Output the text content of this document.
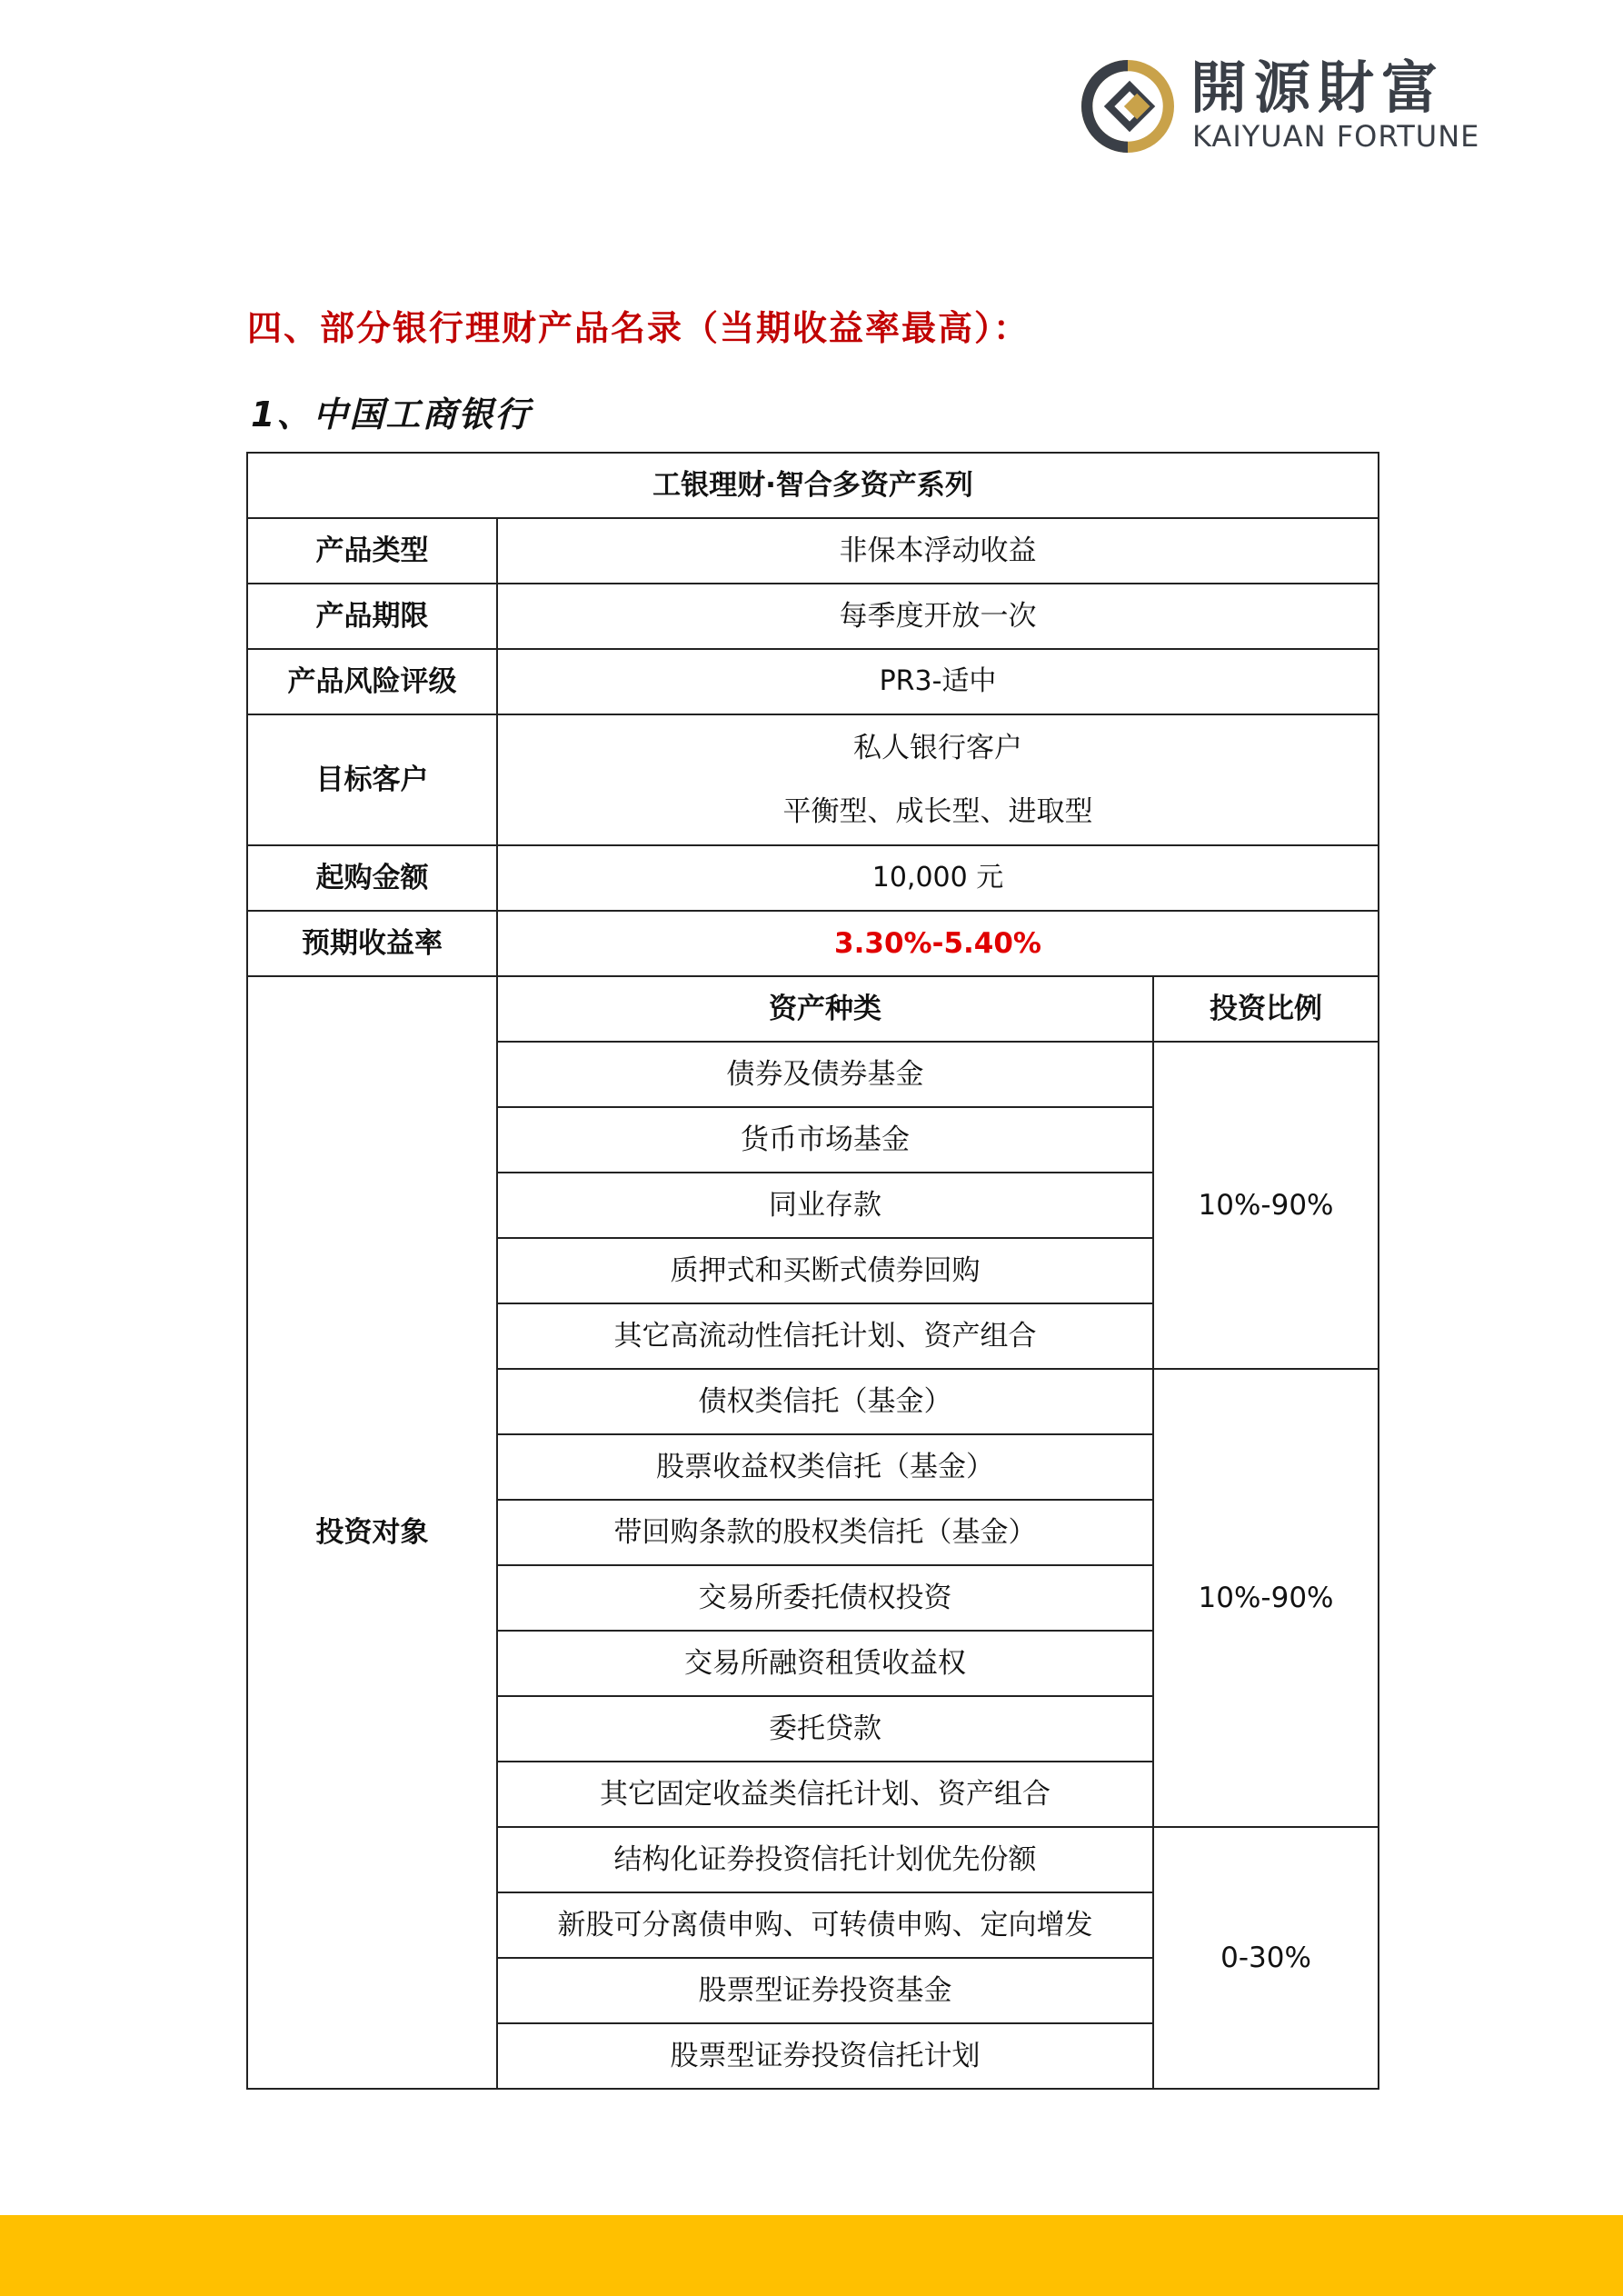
開源財富
KAIYUAN FORTUNE
四、部分银行理财产品名录（当期收益率最高）：
1、中国工商银行
工银理财·智合多资产系列		
产品类型	非保本浮动收益	
产品期限	每季度开放一次	
产品风险评级	PR3-适中	
目标客户	私人银行客户
平衡型、成长型、进取型	

起购金额	10,000 元	
预期收益率	3.30%-5.40%	
投资对象	资产种类	投资比例
	债券及债券基金	10%-90%
	货币市场基金	
	同业存款	
	质押式和买断式债券回购	
	其它高流动性信托计划、资产组合	
	债权类信托（基金）	10%-90%
	股票收益权类信托（基金）	
	带回购条款的股权类信托（基金）	
	交易所委托债权投资	
	交易所融资租赁收益权	
	委托贷款	
	其它固定收益类信托计划、资产组合	
	结构化证券投资信托计划优先份额	0-30%
	新股可分离债申购、可转债申购、定向增发	
	股票型证券投资基金	
	股票型证券投资信托计划	
